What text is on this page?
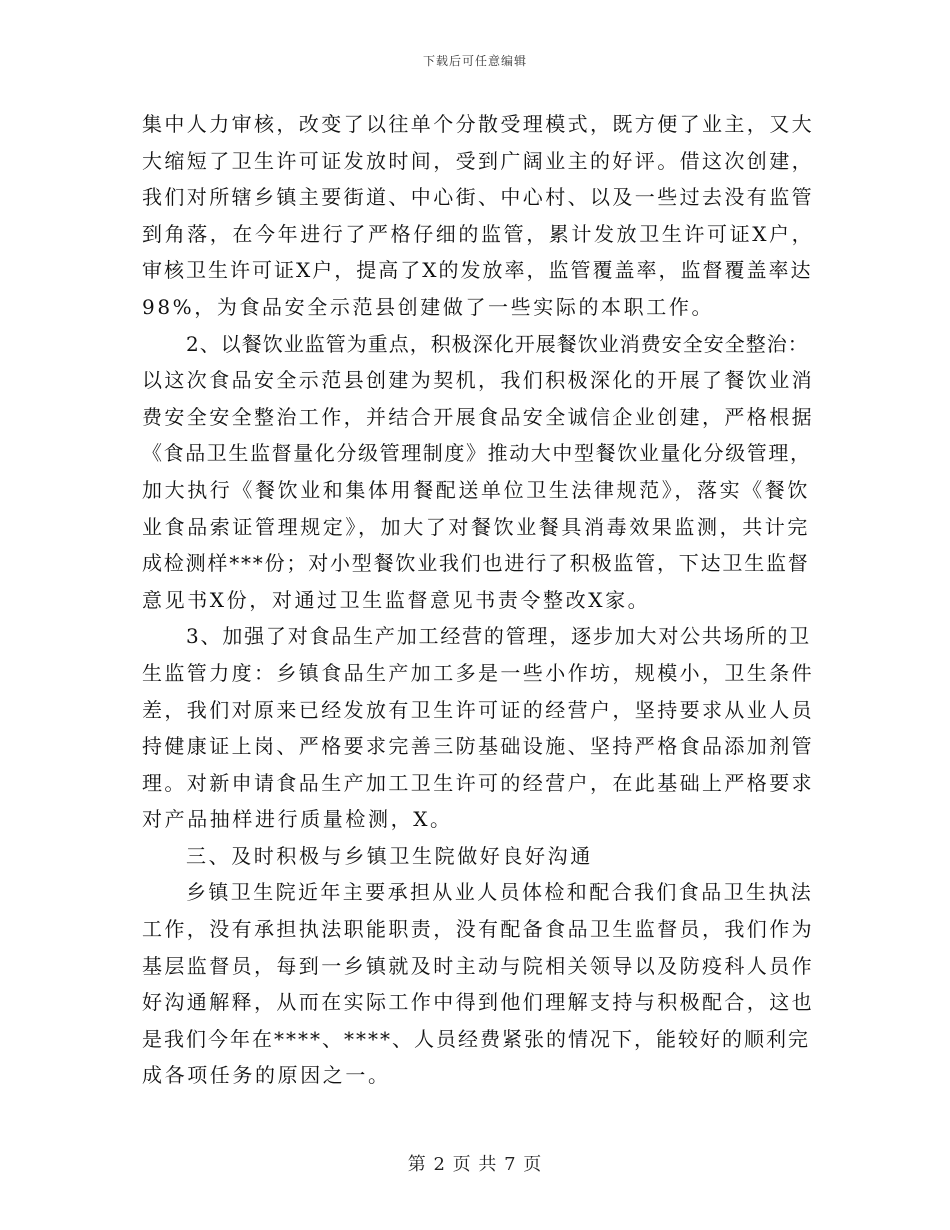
下载后可任意编辑
集中人力审核，改变了以往单个分散受理模式，既方便了业主，又大
大缩短了卫生许可证发放时间，受到广阔业主的好评。借这次创建，
我们对所辖乡镇主要街道、中心街、中心村、以及一些过去没有监管
到角落，在今年进行了严格仔细的监管，累计发放卫生许可证X户，
审核卫生许可证X户，提高了X的发放率，监管覆盖率，监督覆盖率达
98%，为食品安全示范县创建做了一些实际的本职工作。
2、以餐饮业监管为重点，积极深化开展餐饮业消费安全安全整治：
以这次食品安全示范县创建为契机，我们积极深化的开展了餐饮业消
费安全安全整治工作，并结合开展食品安全诚信企业创建，严格根据
《食品卫生监督量化分级管理制度》推动大中型餐饮业量化分级管理，
加大执行《餐饮业和集体用餐配送单位卫生法律规范》，落实《餐饮
业食品索证管理规定》，加大了对餐饮业餐具消毒效果监测，共计完
成检测样***份；对小型餐饮业我们也进行了积极监管，下达卫生监督
意见书X份，对通过卫生监督意见书责令整改X家。
3、加强了对食品生产加工经营的管理，逐步加大对公共场所的卫
生监管力度：乡镇食品生产加工多是一些小作坊，规模小，卫生条件
差，我们对原来已经发放有卫生许可证的经营户，坚持要求从业人员
持健康证上岗、严格要求完善三防基础设施、坚持严格食品添加剂管
理。对新申请食品生产加工卫生许可的经营户，在此基础上严格要求
对产品抽样进行质量检测，X。
三、及时积极与乡镇卫生院做好良好沟通
乡镇卫生院近年主要承担从业人员体检和配合我们食品卫生执法
工作，没有承担执法职能职责，没有配备食品卫生监督员，我们作为
基层监督员，每到一乡镇就及时主动与院相关领导以及防疫科人员作
好沟通解释，从而在实际工作中得到他们理解支持与积极配合，这也
是我们今年在****、****、人员经费紧张的情况下，能较好的顺利完
成各项任务的原因之一。
第 2 页 共 7 页
